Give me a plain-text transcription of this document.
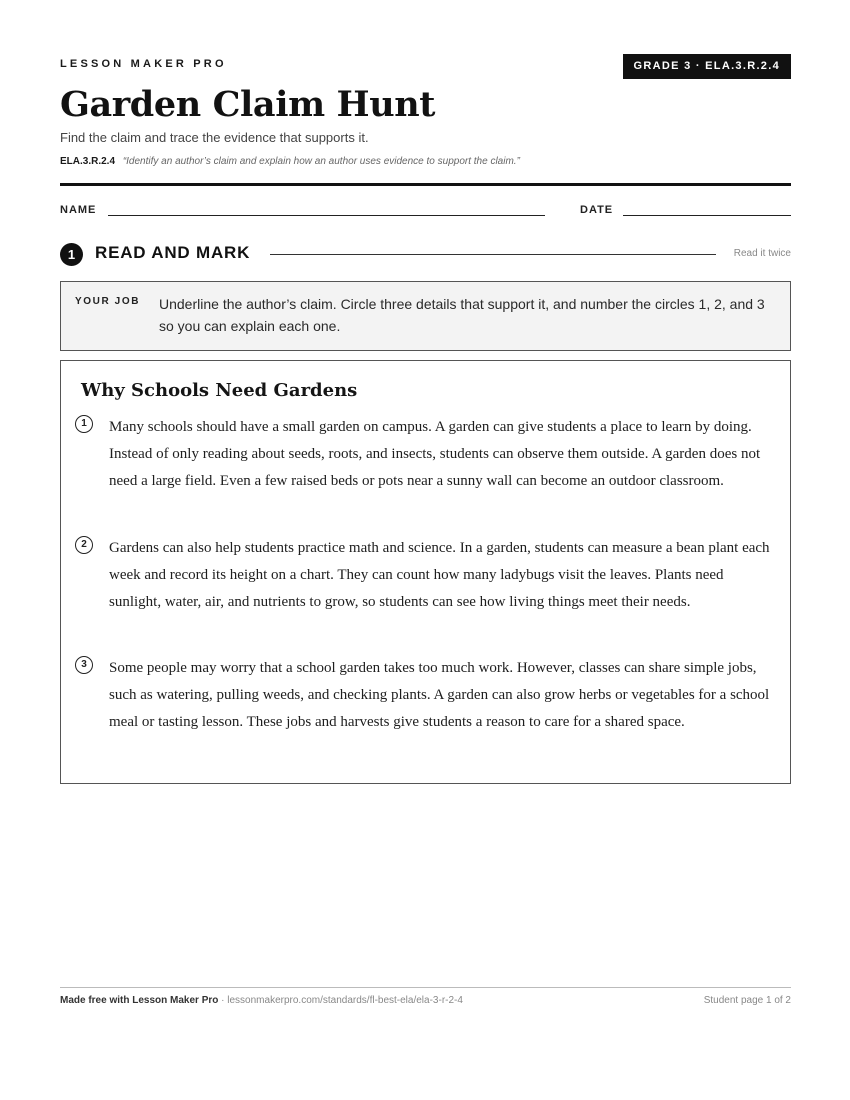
LESSON MAKER PRO	GRADE 3 · ELA.3.R.2.4
Garden Claim Hunt
Find the claim and trace the evidence that supports it.
ELA.3.R.2.4 “Identify an author’s claim and explain how an author uses evidence to support the claim.”
NAME	DATE
1	READ AND MARK	Read it twice
YOUR JOB Underline the author’s claim. Circle three details that support it, and number the circles 1, 2, and 3 so you can explain each one.
Why Schools Need Gardens
1	Many schools should have a small garden on campus. A garden can give students a place to learn by doing. Instead of only reading about seeds, roots, and insects, students can observe them outside. A garden does not need a large field. Even a few raised beds or pots near a sunny wall can become an outdoor classroom.
2	Gardens can also help students practice math and science. In a garden, students can measure a bean plant each week and record its height on a chart. They can count how many ladybugs visit the leaves. Plants need sunlight, water, air, and nutrients to grow, so students can see how living things meet their needs.
3	Some people may worry that a school garden takes too much work. However, classes can share simple jobs, such as watering, pulling weeds, and checking plants. A garden can also grow herbs or vegetables for a school meal or tasting lesson. These jobs and harvests give students a reason to care for a shared space.
Made free with Lesson Maker Pro · lessonmakerpro.com/standards/fl-best-ela/ela-3-r-2-4	Student page 1 of 2
